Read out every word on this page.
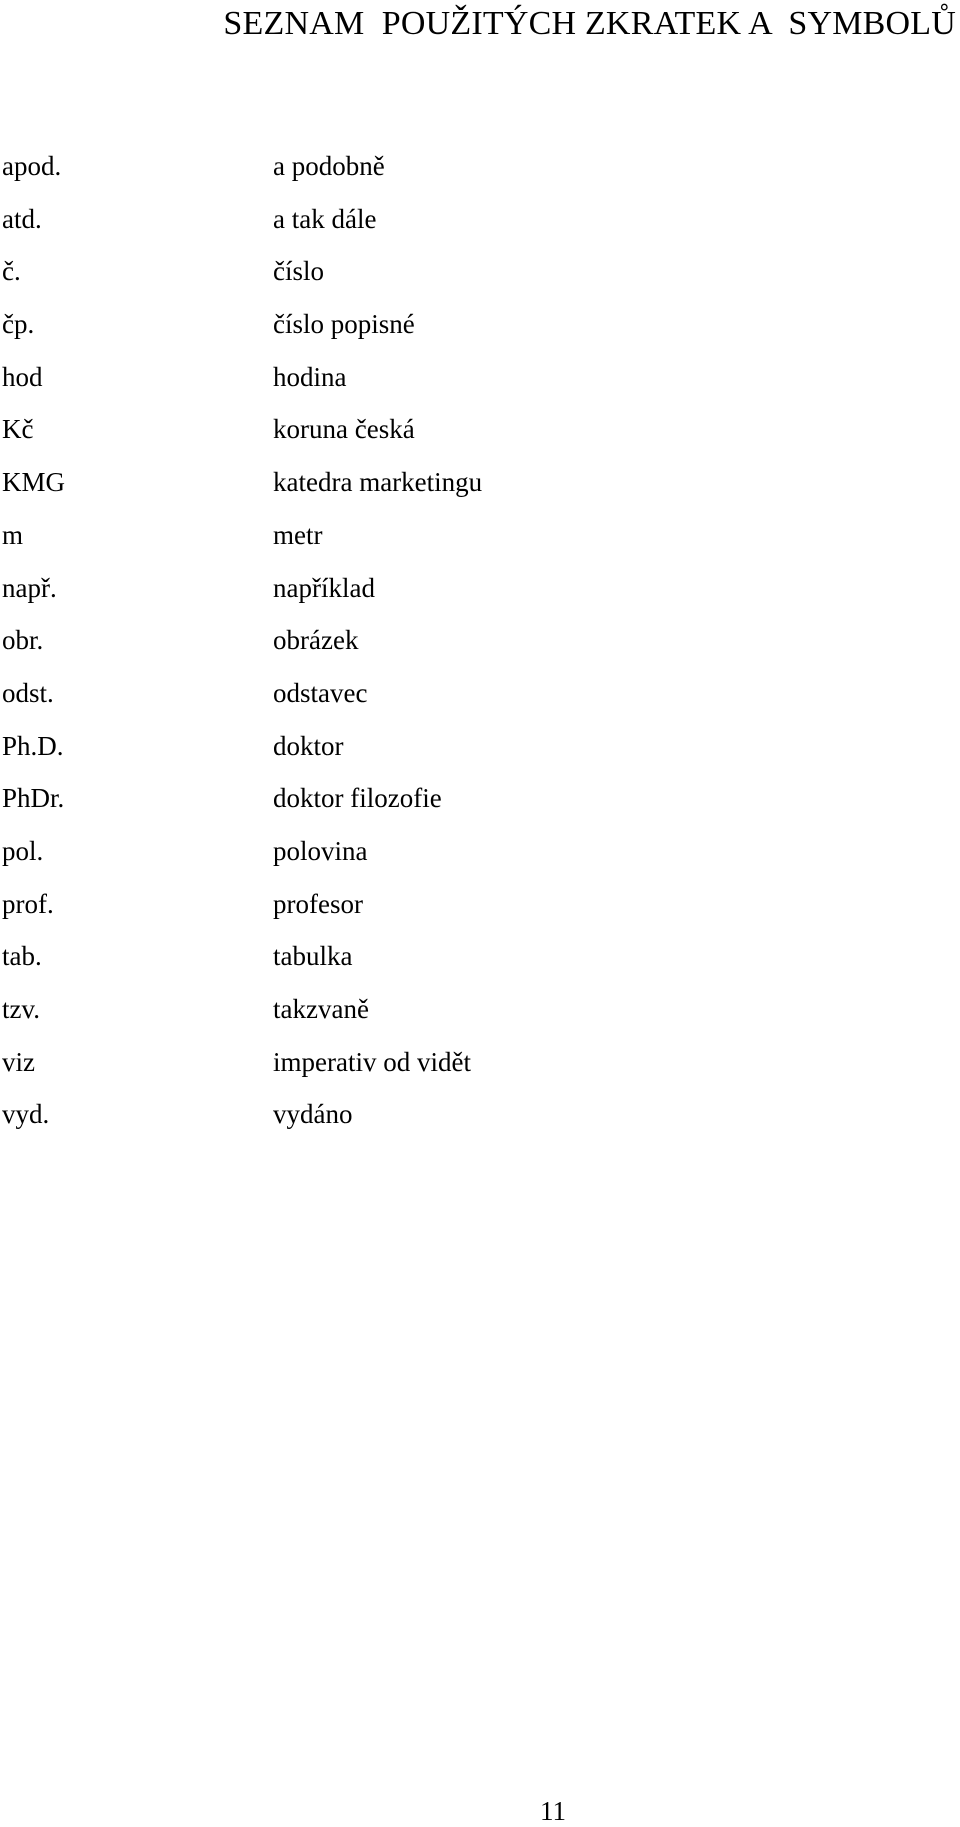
SEZNAM  POUŽITÝCH ZKRATEK A  SYMBOLŮ
apod.	a podobně
atd.	a tak dále
č.	číslo
čp.	číslo popisné
hod	hodina
Kč	koruna česká
KMG	katedra marketingu
m	metr
např.	například
obr.	obrázek
odst.	odstavec
Ph.D.	doktor
PhDr.	doktor filozofie
pol.	polovina
prof.	profesor
tab.	tabulka
tzv.	takzvaně
viz	imperativ od vidět
vyd.	vydáno
11
